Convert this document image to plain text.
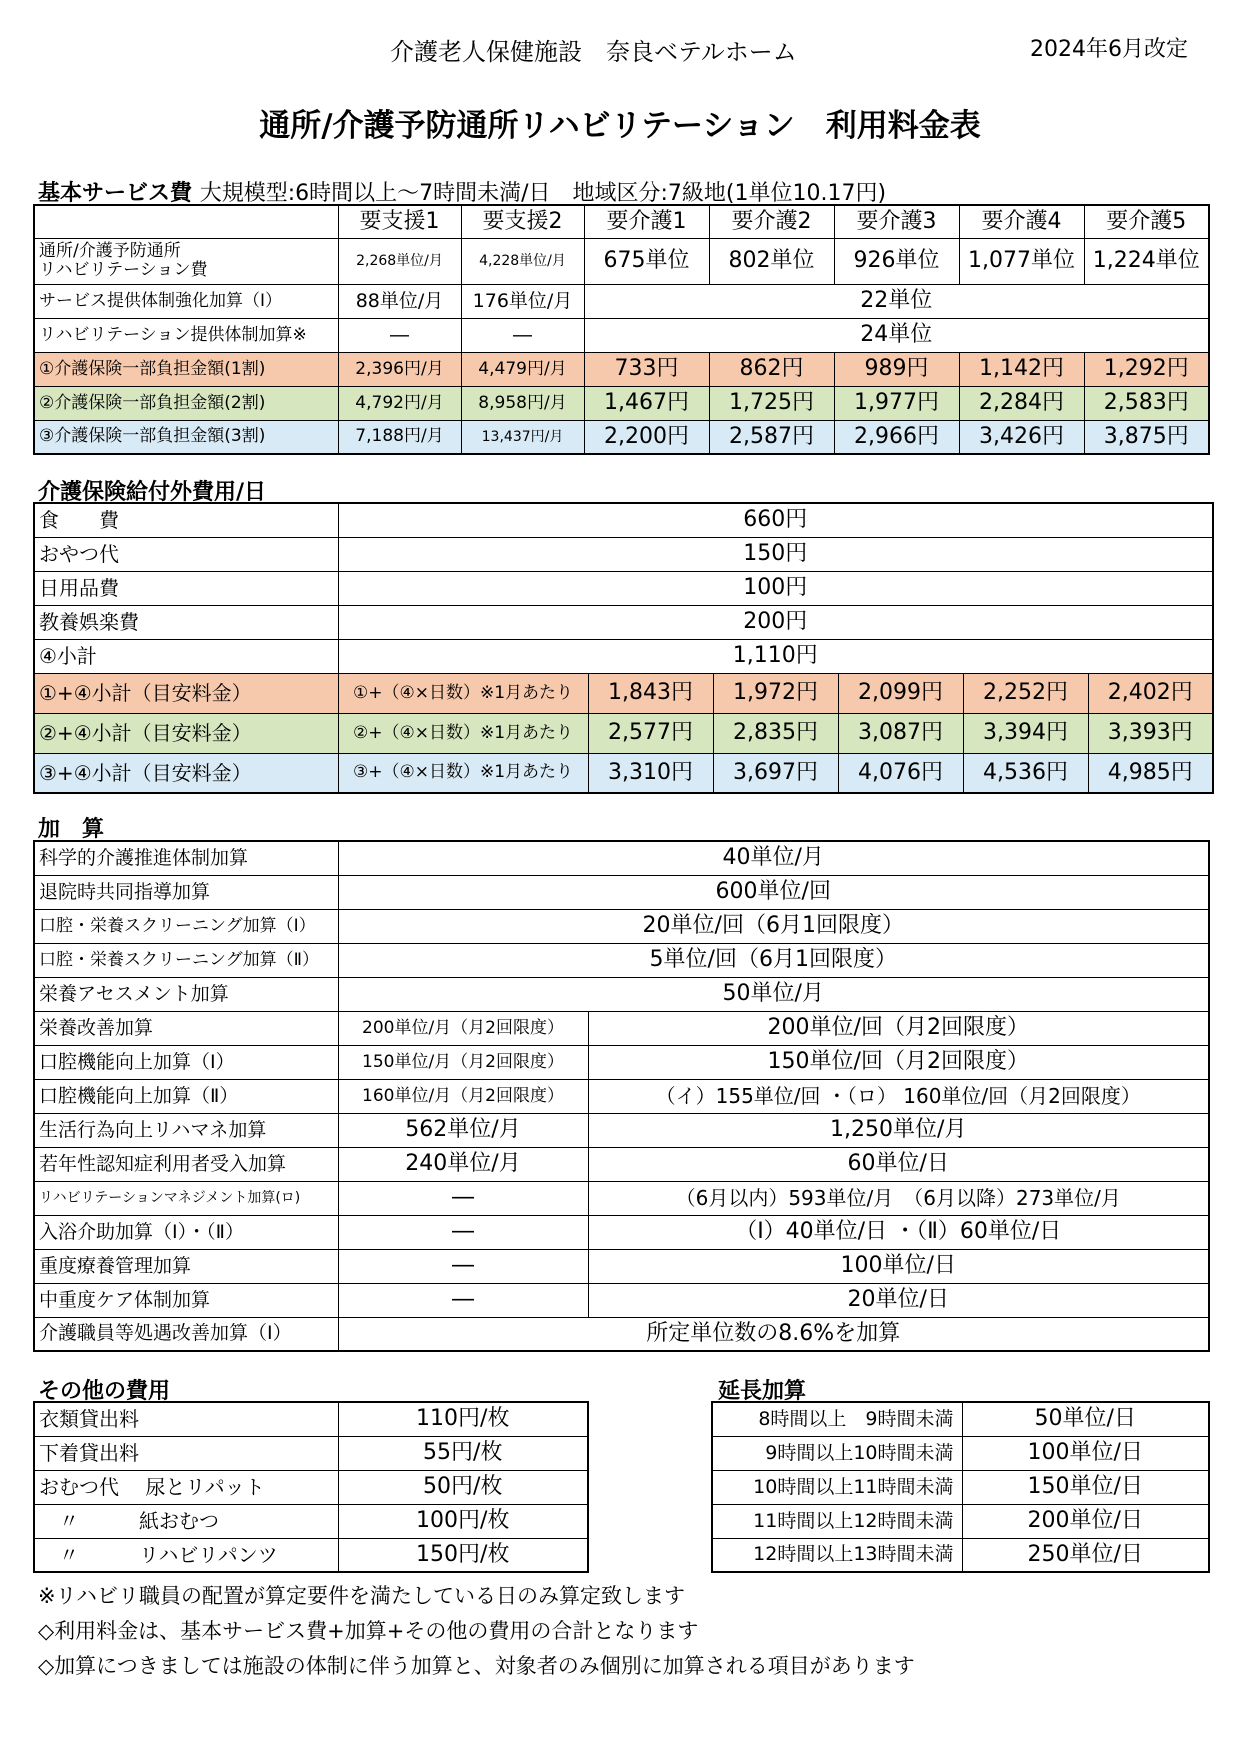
介護老人保健施設　奈良ベテルホーム	2024年6月改定
通所/介護予防通所リハビリテーション　利用料金表
基本サービス費 大規模型:6時間以上～7時間未満/日　地域区分:7級地(1単位10.17円)
	要支援1	要支援2	要介護1	要介護2	要介護3	要介護4	要介護5
通所/介護予防通所
リハビリテーション費	2,268単位/月	4,228単位/月	675単位	802単位	926単位	1,077単位	1,224単位
サービス提供体制強化加算（Ⅰ）	88単位/月	176単位/月	22単位				
リハビリテーション提供体制加算※	―	―	24単位				
①介護保険一部負担金額(1割)	2,396円/月	4,479円/月	733円	862円	989円	1,142円	1,292円
②介護保険一部負担金額(2割)	4,792円/月	8,958円/月	1,467円	1,725円	1,977円	2,284円	2,583円
③介護保険一部負担金額(3割)	7,188円/月	13,437円/月	2,200円	2,587円	2,966円	3,426円	3,875円
介護保険給付外費用/日
食　　費	660円					
おやつ代	150円					
日用品費	100円					
教養娯楽費	200円					
④小計	1,110円					
①+④小計（目安料金）	①+（④×日数）※1月あたり	1,843円	1,972円	2,099円	2,252円	2,402円
②+④小計（目安料金）	②+（④×日数）※1月あたり	2,577円	2,835円	3,087円	3,394円	3,393円
③+④小計（目安料金）	③+（④×日数）※1月あたり	3,310円	3,697円	4,076円	4,536円	4,985円
加　算
科学的介護推進体制加算	40単位/月	
退院時共同指導加算	600単位/回	
口腔・栄養スクリーニング加算（Ⅰ）	20単位/回（6月1回限度）	
口腔・栄養スクリーニング加算（Ⅱ）	5単位/回（6月1回限度）	
栄養アセスメント加算	50単位/月	
栄養改善加算	200単位/月（月2回限度）	200単位/回（月2回限度）
口腔機能向上加算（Ⅰ）	150単位/月（月2回限度）	150単位/回（月2回限度）
口腔機能向上加算（Ⅱ）	160単位/月（月2回限度）	（イ）155単位/回 ・（ロ） 160単位/回（月2回限度）
生活行為向上リハマネ加算	562単位/月	1,250単位/月
若年性認知症利用者受入加算	240単位/月	60単位/日
リハビリテーションマネジメント加算(ロ)	―	（6月以内）593単位/月　（6月以降）273単位/月
入浴介助加算（Ⅰ）・（Ⅱ）	―	（Ⅰ）40単位/日 ・（Ⅱ）60単位/日
重度療養管理加算	―	100単位/日
中重度ケア体制加算	―	20単位/日
介護職員等処遇改善加算（Ⅰ）	所定単位数の8.6%を加算	
その他の費用
衣類貸出料	110円/枚
下着貸出料	55円/枚
おむつ代　 尿とリパット	50円/枚
　〃　　　紙おむつ	100円/枚
　〃　　　リハビリパンツ	150円/枚
延長加算
8時間以上　9時間未満	50単位/日
9時間以上10時間未満	100単位/日
10時間以上11時間未満	150単位/日
11時間以上12時間未満	200単位/日
12時間以上13時間未満	250単位/日
※リハビリ職員の配置が算定要件を満たしている日のみ算定致します
◇利用料金は、基本サービス費+加算+その他の費用の合計となります
◇加算につきましては施設の体制に伴う加算と、対象者のみ個別に加算される項目があります
